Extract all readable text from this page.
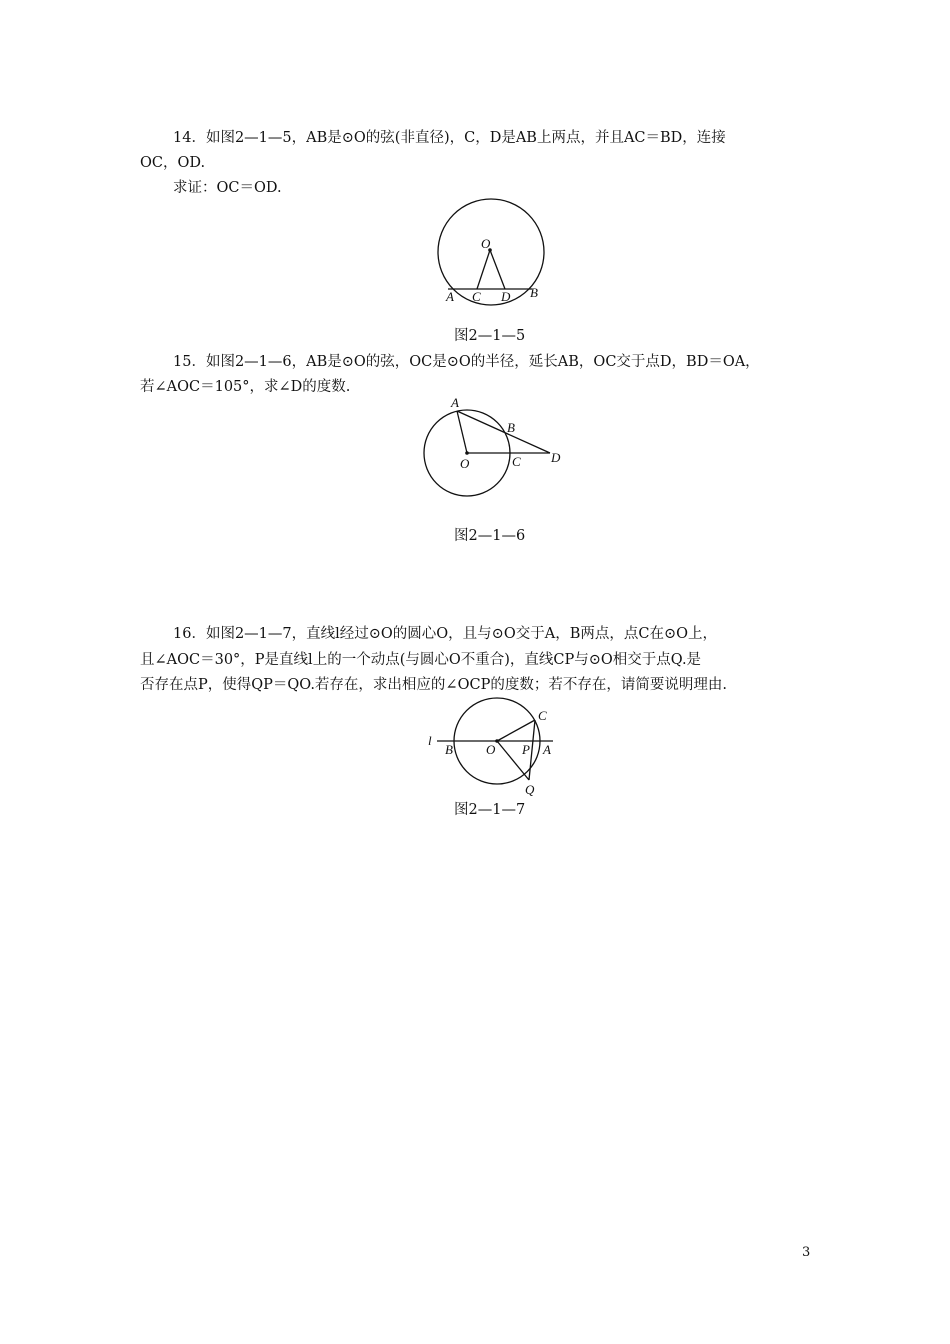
14．如图2—1—5，AB是⊙O的弦(非直径)，C，D是AB上两点，并且AC＝BD，连接
OC，OD.
求证：OC＝OD.
O
A C D B
图2—1—5
15．如图2—1—6，AB是⊙O的弦，OC是⊙O的半径，延长AB，OC交于点D，BD＝OA，
若∠AOC＝105°，求∠D的度数.
A
B
O	C D
图2—1—6
16．如图2—1—7，直线l经过⊙O的圆心O，且与⊙O交于A，B两点，点C在⊙O上，
且∠AOC＝30°，P是直线l上的一个动点(与圆心O不重合)，直线CP与⊙O相交于点Q.是
否存在点P，使得QP＝QO.若存在，求出相应的∠OCP的度数；若不存在，请简要说明理由.
l
B	O P A
C
Q
图2—1—7
3
